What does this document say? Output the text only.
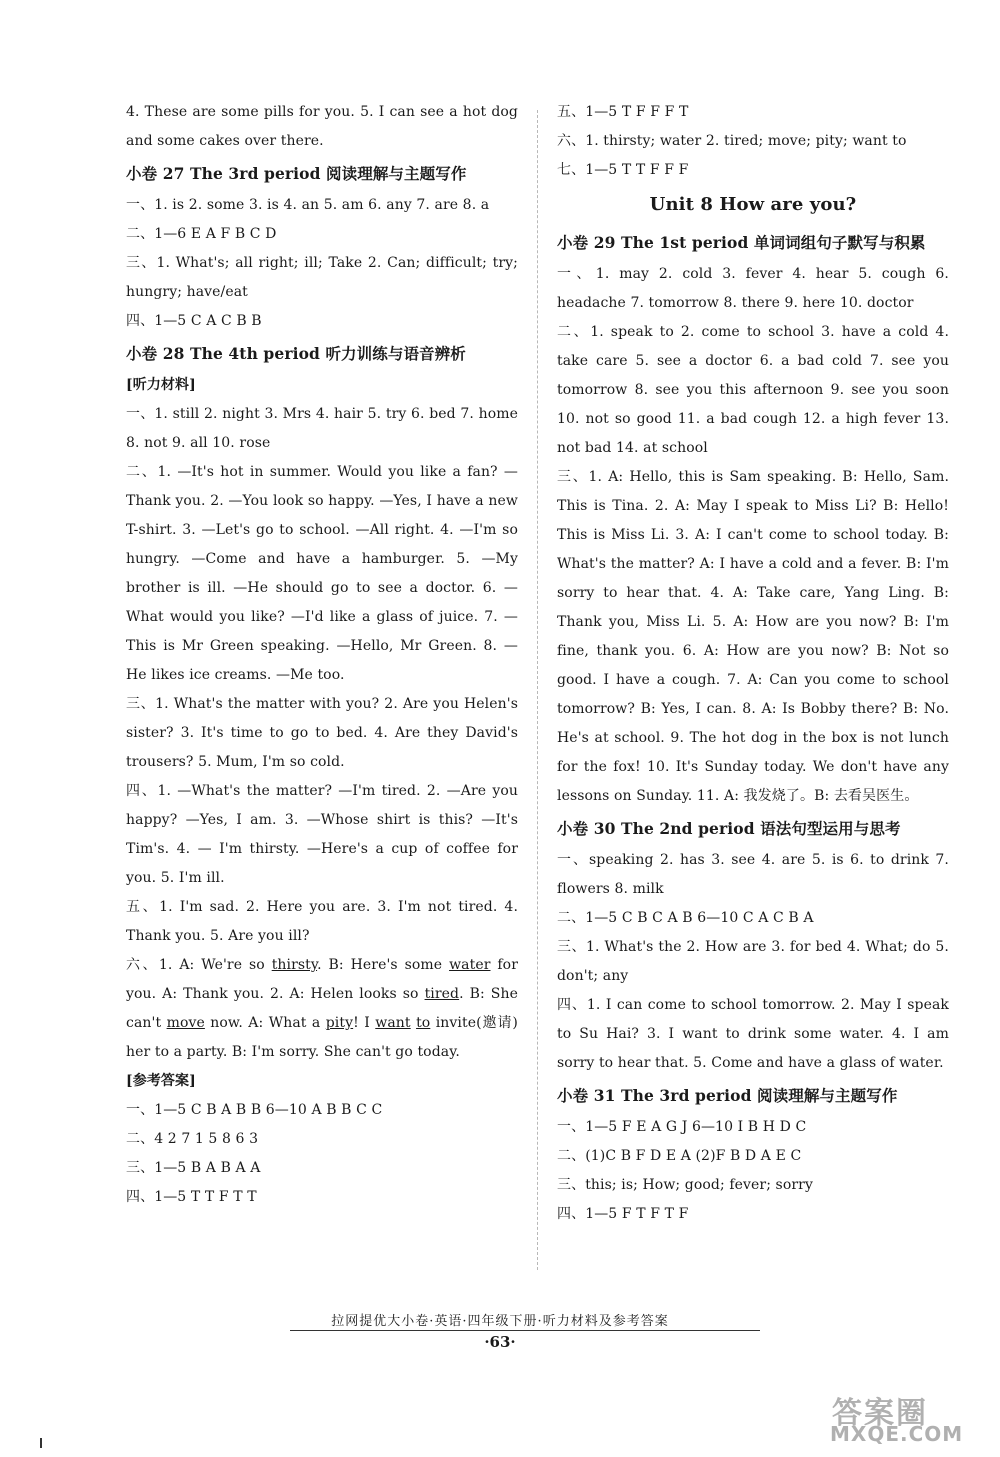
4. These are some pills for you. 5. I can see a hot dog and some cakes over there.

小卷 27 The 3rd period 阅读理解与主题写作

一、1. is 2. some 3. is 4. an 5. am 6. any 7. are 8. a

二、1—6 E A F B C D

三、1. What's; all right; ill; Take 2. Can; difficult; try; hungry; have/eat

四、1—5 C A C B B

小卷 28 The 4th period 听力训练与语音辨析

[听力材料]

一、1. still 2. night 3. Mrs 4. hair 5. try 6. bed 7. home 8. not 9. all 10. rose

二、1. —It's hot in summer. Would you like a fan? —Thank you. 2. —You look so happy. —Yes, I have a new T-shirt. 3. —Let's go to school. —All right. 4. —I'm so hungry. —Come and have a hamburger. 5. —My brother is ill. —He should go to see a doctor. 6. —What would you like? —I'd like a glass of juice. 7. —This is Mr Green speaking. —Hello, Mr Green. 8. —He likes ice creams. —Me too.

三、1. What's the matter with you? 2. Are you Helen's sister? 3. It's time to go to bed. 4. Are they David's trousers? 5. Mum, I'm so cold.

四、1. —What's the matter? —I'm tired. 2. —Are you happy? —Yes, I am. 3. —Whose shirt is this? —It's Tim's. 4. — I'm thirsty. —Here's a cup of coffee for you. 5. I'm ill.

五、1. I'm sad. 2. Here you are. 3. I'm not tired. 4. Thank you. 5. Are you ill?

六、1. A: We're so thirsty. B: Here's some water for you. A: Thank you. 2. A: Helen looks so tired. B: She can't move now. A: What a pity! I want to invite(邀请) her to a party. B: I'm sorry. She can't go today.

[参考答案]

一、1—5 C B A B B 6—10 A B B C C

二、4 2 7 1 5 8 6 3

三、1—5 B A B A A

四、1—5 T T F T T

五、1—5 T F F F T

六、1. thirsty; water 2. tired; move; pity; want to

七、1—5 T T F F F

Unit 8 How are you?
小卷 29 The 1st period 单词词组句子默写与积累

一、1. may 2. cold 3. fever 4. hear 5. cough 6. headache 7. tomorrow 8. there 9. here 10. doctor

二、1. speak to 2. come to school 3. have a cold 4. take care 5. see a doctor 6. a bad cold 7. see you tomorrow 8. see you this afternoon 9. see you soon 10. not so good 11. a bad cough 12. a high fever 13. not bad 14. at school

三、1. A: Hello, this is Sam speaking. B: Hello, Sam. This is Tina. 2. A: May I speak to Miss Li? B: Hello! This is Miss Li. 3. A: I can't come to school today. B: What's the matter? A: I have a cold and a fever. B: I'm sorry to hear that. 4. A: Take care, Yang Ling. B: Thank you, Miss Li. 5. A: How are you now? B: I'm fine, thank you. 6. A: How are you now? B: Not so good. I have a cough. 7. A: Can you come to school tomorrow? B: Yes, I can. 8. A: Is Bobby there? B: No. He's at school. 9. The hot dog in the box is not lunch for the fox! 10. It's Sunday today. We don't have any lessons on Sunday. 11. A: 我发烧了。B: 去看吴医生。

小卷 30 The 2nd period 语法句型运用与思考

一、speaking 2. has 3. see 4. are 5. is 6. to drink 7. flowers 8. milk

二、1—5 C B C A B 6—10 C A C B A

三、1. What's the 2. How are 3. for bed 4. What; do 5. don't; any

四、1. I can come to school tomorrow. 2. May I speak to Su Hai? 3. I want to drink some water. 4. I am sorry to hear that. 5. Come and have a glass of water.

小卷 31 The 3rd period 阅读理解与主题写作

一、1—5 F E A G J 6—10 I B H D C

二、(1)C B F D E A (2)F B D A E C

三、this; is; How; good; fever; sorry

四、1—5 F T F T F

拉网提优大小卷·英语·四年级下册·听力材料及参考答案
·63·
答案圈
MXQE.COM
